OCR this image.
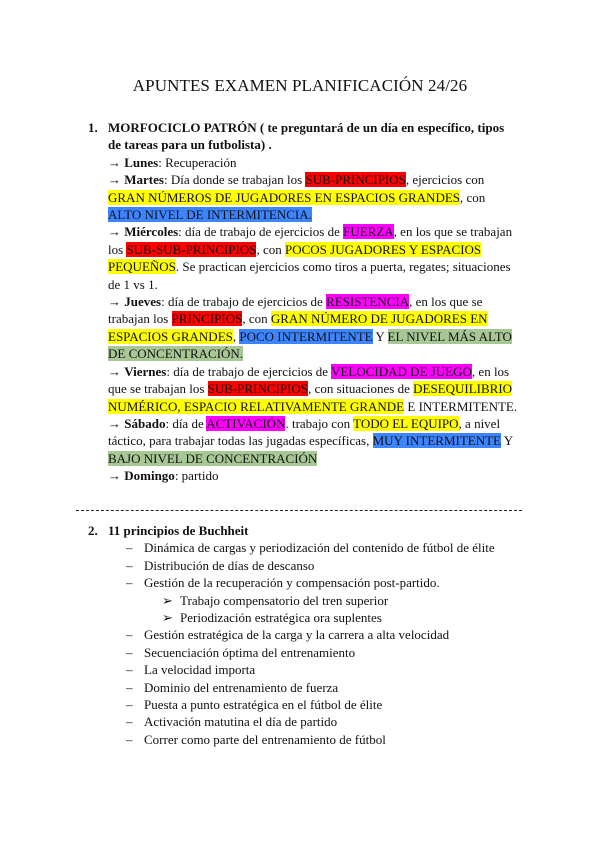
APUNTES EXAMEN PLANIFICACIÓN 24/26
1. MORFOCICLO PATRÓN ( te preguntará de un día en específico, tipos de tareas para un futbolista) .
→ Lunes: Recuperación
→ Martes: Día donde se trabajan los SUB-PRINCIPIOS, ejercicios con GRAN NÚMEROS DE JUGADORES EN ESPACIOS GRANDES, con ALTO NIVEL DE INTERMITENCIA.
→ Miércoles: día de trabajo de ejercicios de FUERZA, en los que se trabajan los SUB-SUB-PRINCIPIOS, con POCOS JUGADORES Y ESPACIOS PEQUEÑOS. Se practican ejercicios como tiros a puerta, regates; situaciones de 1 vs 1.
→ Jueves: día de trabajo de ejercicios de RESISTENCIA, en los que se trabajan los PRINCIPIOS, con GRAN NÚMERO DE JUGADORES EN ESPACIOS GRANDES, POCO INTERMITENTE Y EL NIVEL MÁS ALTO DE CONCENTRACIÓN.
→ Viernes: día de trabajo de ejercicios de VELOCIDAD DE JUEGO, en los que se trabajan los SUB-PRINCIPIOS, con situaciones de DESEQUILIBRIO NUMÉRICO, ESPACIO RELATIVAMENTE GRANDE E INTERMITENTE.
→ Sábado: día de ACTIVACIÓN. trabajo con TODO EL EQUIPO, a nivel táctico, para trabajar todas las jugadas específicas, MUY INTERMITENTE Y BAJO NIVEL DE CONCENTRACIÓN
→ Domingo: partido
2. 11 principios de Buchheit
– Dinámica de cargas y periodización del contenido de fútbol de élite
– Distribución de días de descanso
– Gestión de la recuperación y compensación post-partido.
➢ Trabajo compensatorio del tren superior
➢ Periodización estratégica ora suplentes
– Gestión estratégica de la carga y la carrera a alta velocidad
– Secuenciación óptima del entrenamiento
– La velocidad importa
– Dominio del entrenamiento de fuerza
– Puesta a punto estratégica en el fútbol de élite
– Activación matutina el día de partido
– Correr como parte del entrenamiento de fútbol
